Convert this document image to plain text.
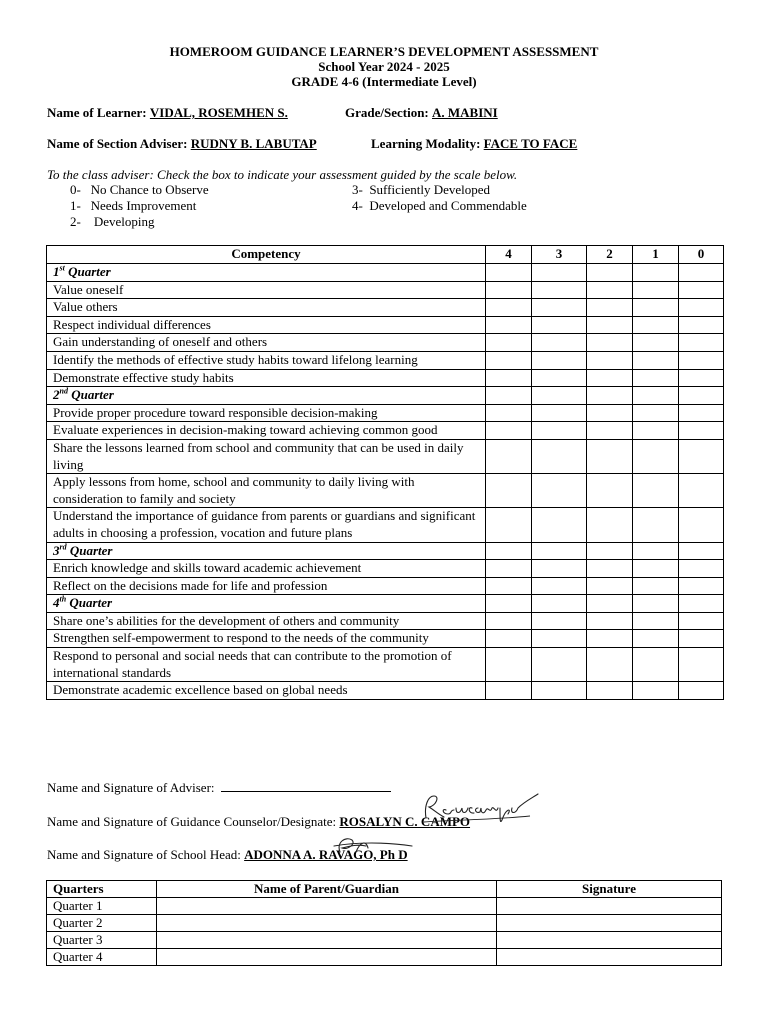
HOMEROOM GUIDANCE LEARNER’S DEVELOPMENT ASSESSMENT
School Year 2024 - 2025
GRADE 4-6 (Intermediate Level)
Name of Learner: VIDAL, ROSEMHEN S.	Grade/Section: A. MABINI
Name of Section Adviser: RUDNY B. LABUTAP	Learning Modality: FACE TO FACE
To the class adviser: Check the box to indicate your assessment guided by the scale below.
0-   No Chance to Observe
1-   Needs Improvement
2-    Developing
3-  Sufficiently Developed
4-  Developed and Commendable
Competency	4	3	2	1	0
1st Quarter					
Value oneself					
Value others					
Respect individual differences					
Gain understanding of oneself and others					
Identify the methods of effective study habits toward lifelong learning					
Demonstrate effective study habits					
2nd Quarter					
Provide proper procedure toward responsible decision-making					
Evaluate experiences in decision-making toward achieving common good					
Share the lessons learned from school and community that can be used in daily living					
Apply lessons from home, school and community to daily living with consideration to family and society					
Understand the importance of guidance from parents or guardians and significant adults in choosing a profession, vocation and future plans					
3rd Quarter					
Enrich knowledge and skills toward academic achievement					
Reflect on the decisions made for life and profession					
4th Quarter					
Share one’s abilities for the development of others and community					
Strengthen self-empowerment to respond to the needs of the community					
Respond to personal and social needs that can contribute to the promotion of international standards					
Demonstrate academic excellence based on global needs					
Name and Signature of Adviser:
Name and Signature of Guidance Counselor/Designate: ROSALYN C. CAMPO
Name and Signature of School Head: ADONNA A. RAVAGO, Ph D
Quarters	Name of Parent/Guardian	Signature
Quarter 1		
Quarter 2		
Quarter 3		
Quarter 4		
